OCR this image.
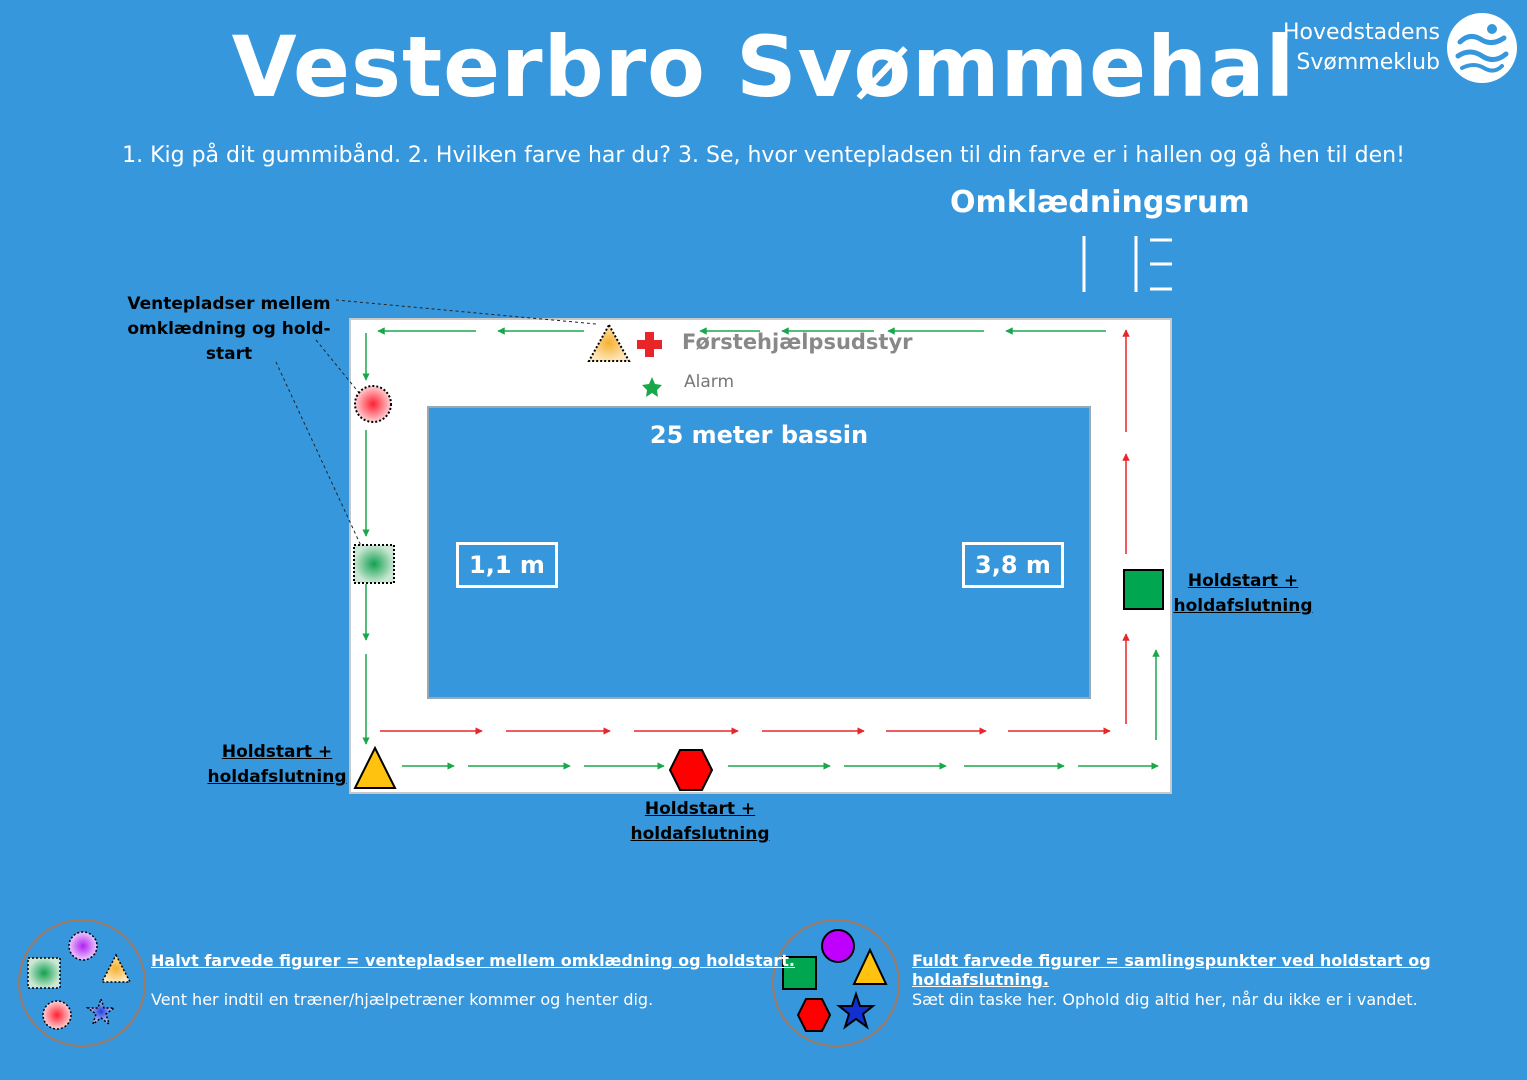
Vesterbro Svømmehal
Hovedstadens
Svømmeklub
1. Kig på dit gummibånd. 2. Hvilken farve har du? 3. Se, hvor ventepladsen til din farve er i hallen og gå hen til den!
Omklædningsrum
Ventepladser mellem
omklædning og hold-
start
Holdstart +
holdafslutning
Holdstart +
holdafslutning
Holdstart +
holdafslutning
Førstehjælpsudstyr
Alarm
25 meter bassin
1,1 m	3,8 m
Halvt farvede figurer = ventepladser mellem omklædning og holdstart.
Vent her indtil en træner/hjælpetræner kommer og henter dig.
Fuldt farvede figurer = samlingspunkter ved holdstart og holdafslutning.
Sæt din taske her. Ophold dig altid her, når du ikke er i vandet.
